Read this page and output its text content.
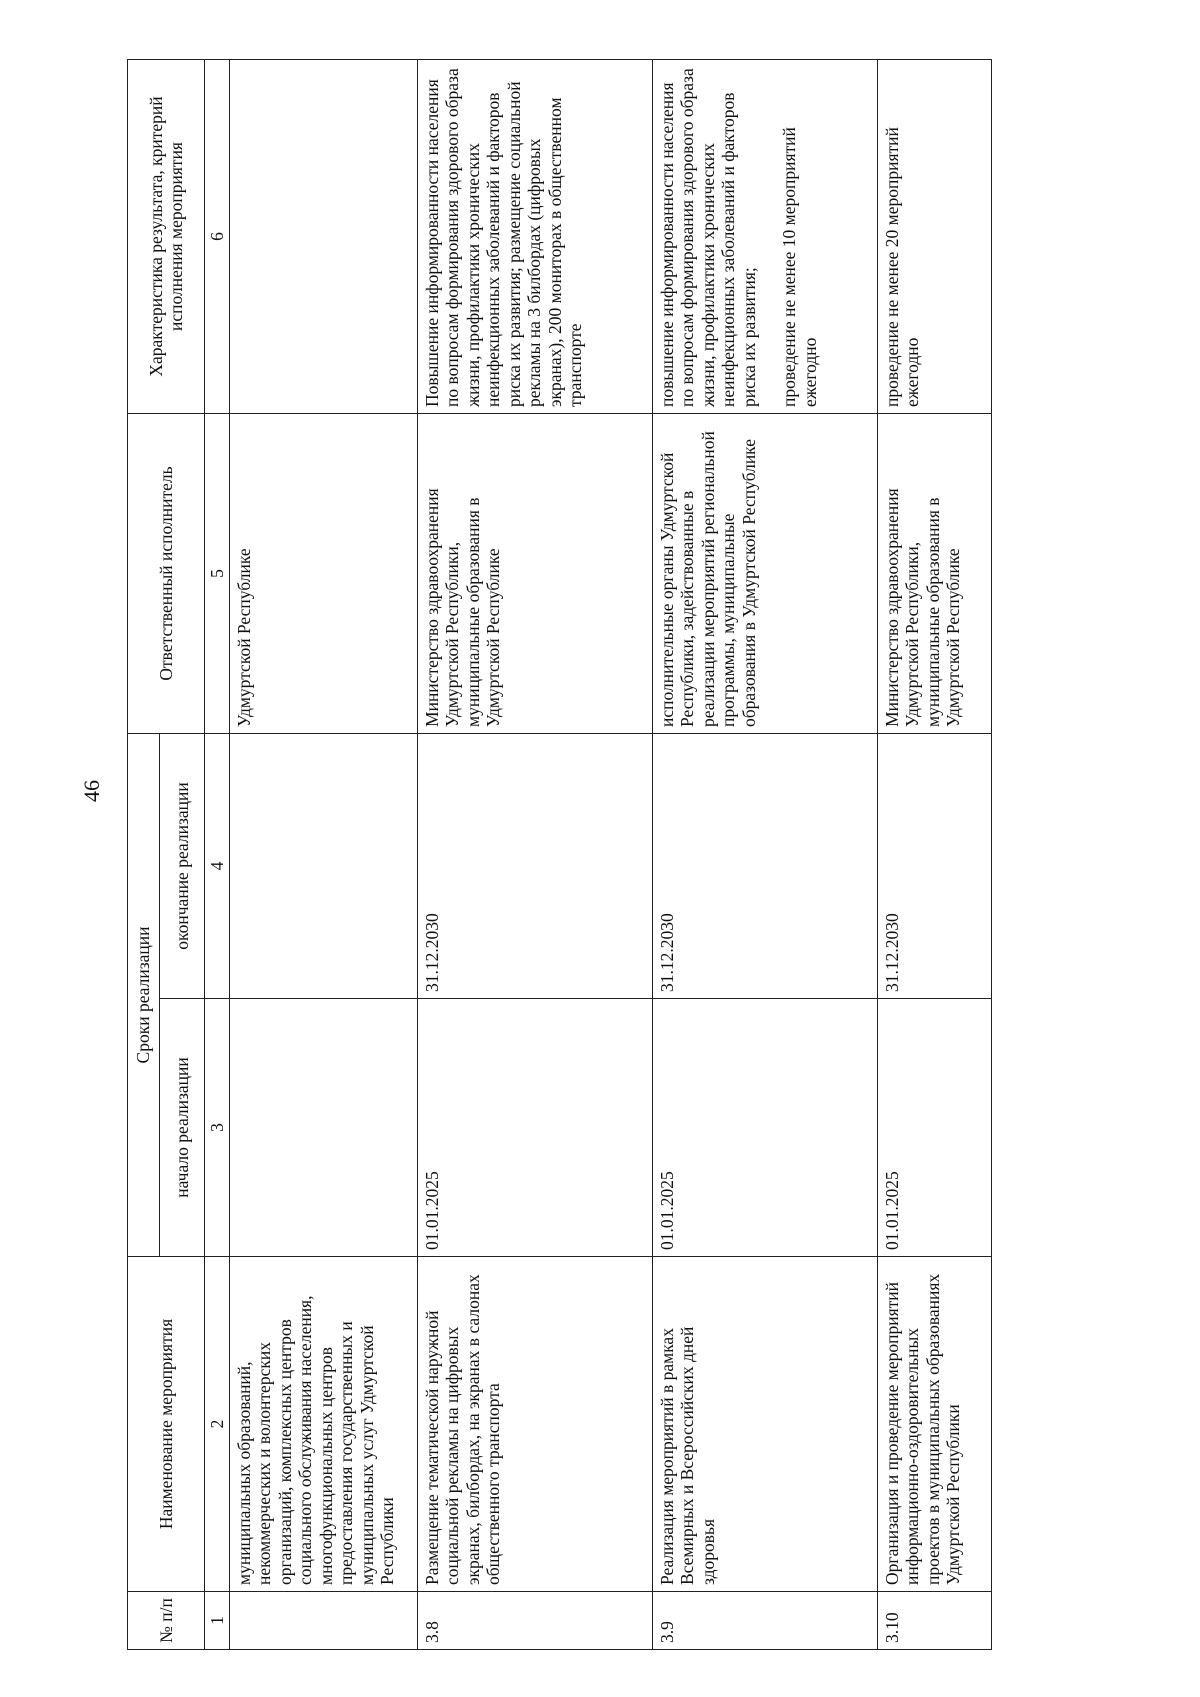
46
№ п/п	Наименование мероприятия	Сроки реализации		Ответственный исполнитель	Характеристика результата, критерий исполнения мероприятия
		начало реализации	окончание реализации		
1	2	3	4	5	6
	муниципальных образований, некоммерческих и волонтерских организаций, комплексных центров социального обслуживания населения, многофункциональных центров предоставления государственных и муниципальных услуг Удмуртской Республики			Удмуртской Республике	
3.8	Размещение тематической наружной социальной рекламы на цифровых экранах, билбордах, на экранах в салонах общественного транспорта	01.01.2025	31.12.2030	Министерство здравоохранения Удмуртской Республики, муниципальные образования в Удмуртской Республике	Повышение информированности населения по вопросам формирования здорового образа жизни, профилактики хронических неинфекционных заболеваний и факторов риска их развития; размещение социальной рекламы на 3 билбордах (цифровых экранах), 200 мониторах в общественном транспорте
3.9	Реализация мероприятий в рамках Всемирных и Всероссийских дней здоровья	01.01.2025	31.12.2030	исполнительные органы Удмуртской Республики, задействованные в реализации мероприятий региональной программы, муниципальные образования в Удмуртской Республике	повышение информированности населения по вопросам формирования здорового образа жизни, профилактики хронических неинфекционных заболеваний и факторов риска их развития; проведение не менее 10 мероприятий ежегодно
3.10	Организация и проведение мероприятий информационно-оздоровительных проектов в муниципальных образованиях Удмуртской Республики	01.01.2025	31.12.2030	Министерство здравоохранения Удмуртской Республики, муниципальные образования в Удмуртской Республике	проведение не менее 20 мероприятий ежегодно
